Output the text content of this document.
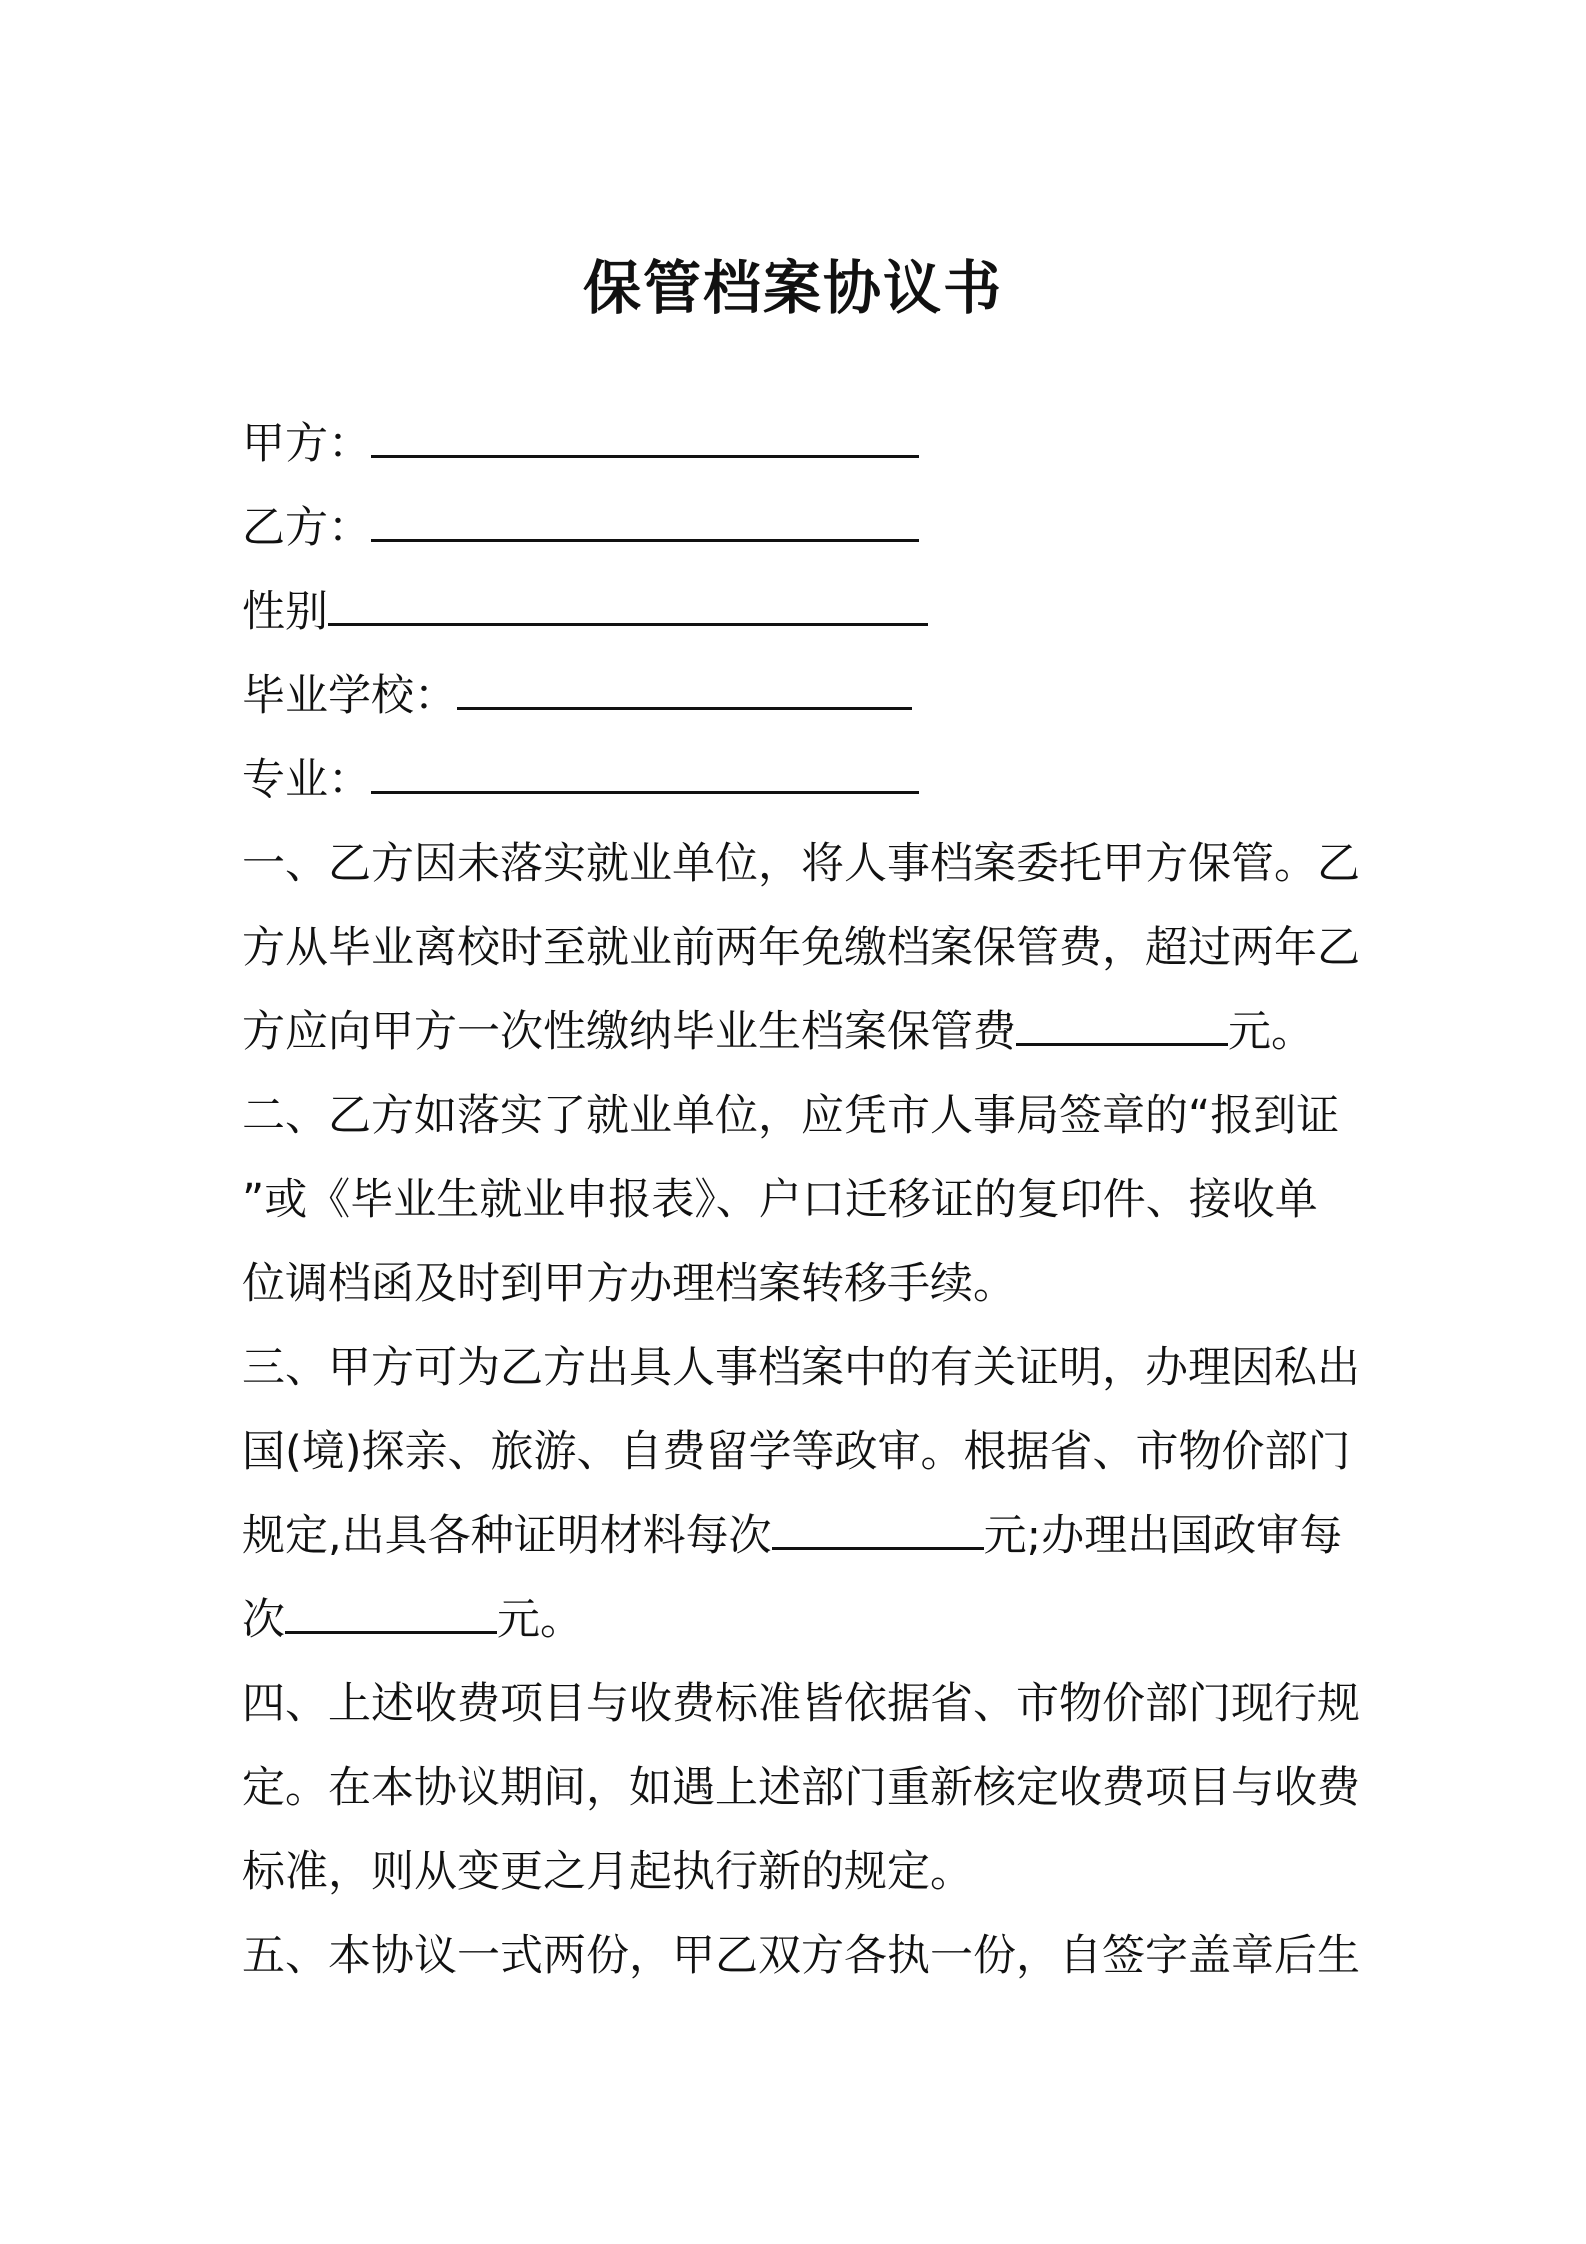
保管档案协议书
甲方：
乙方：
性别
毕业学校：
专业：
一、乙方因未落实就业单位，将人事档案委托甲方保管。乙
方从毕业离校时至就业前两年免缴档案保管费，超过两年乙
方应向甲方一次性缴纳毕业生档案保管费	元。
二、乙方如落实了就业单位，应凭市人事局签章的“报到证
”或《毕业生就业申报表》、户口迁移证的复印件、接收单
位调档函及时到甲方办理档案转移手续。
三、甲方可为乙方出具人事档案中的有关证明，办理因私出
国(境)探亲、旅游、自费留学等政审。根据省、市物价部门
规定,出具各种证明材料每次	元;办理出国政审每
次	元。
四、上述收费项目与收费标准皆依据省、市物价部门现行规
定。在本协议期间，如遇上述部门重新核定收费项目与收费
标准，则从变更之月起执行新的规定。
五、本协议一式两份，甲乙双方各执一份，自签字盖章后生
